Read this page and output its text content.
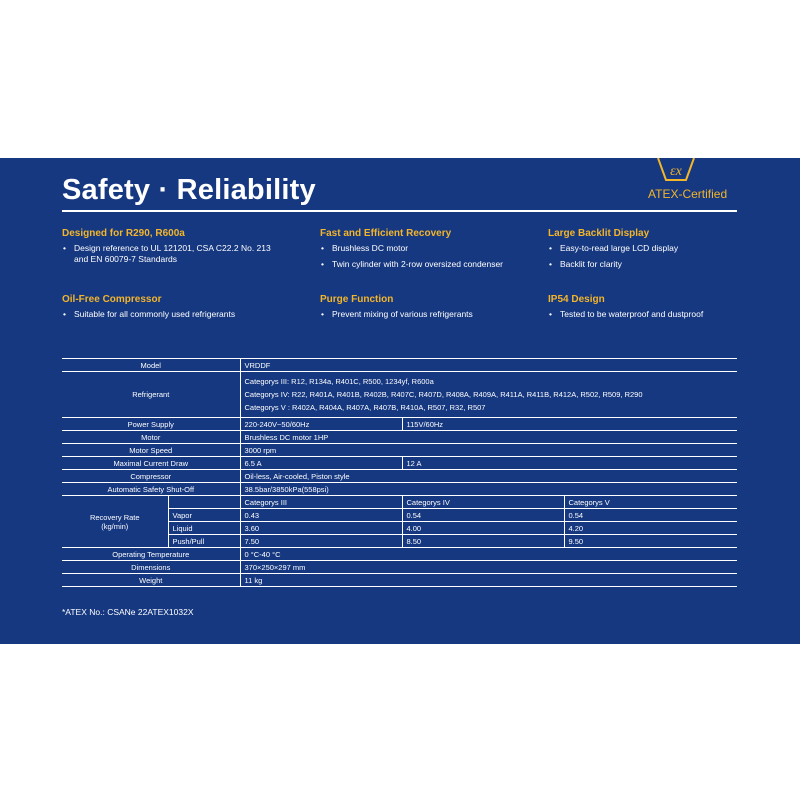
εx
ATEX-Certified
Safety · Reliability
Designed for R290, R600a
• Design reference to UL 121201, CSA C22.2 No. 213 and EN 60079-7 Standards
Fast and Efficient Recovery
• Brushless DC motor
• Twin cylinder with 2-row oversized condenser
Large Backlit Display
• Easy-to-read large LCD display
• Backlit for clarity
Oil-Free Compressor
• Suitable for all commonly used refrigerants
Purge Function
• Prevent mixing of various refrigerants
IP54 Design
• Tested to be waterproof and dustproof
Model		VRDDF		
Refrigerant		Categorys III: R12, R134a, R401C, R500, 1234yf, R600a
Categorys IV: R22, R401A, R401B, R402B, R407C, R407D, R408A, R409A, R411A, R411B, R412A, R502, R509, R290
Categorys V : R402A, R404A, R407A, R407B, R410A, R507, R32, R507		

Power Supply		220-240V~50/60Hz	115V/60Hz	
Motor		Brushless DC motor 1HP		
Motor Speed		3000 rpm		
Maximal Current Draw		6.5 A	12 A	
Compressor		Oil-less, Air-cooled, Piston style		
Automatic Safety Shut-Off		38.5bar/3850kPa(558psi)		

Recovery Rate
(kg/min)		Categorys III	Categorys IV	Categorys V
	Vapor	0.43	0.54	0.54
	Liquid	3.60	4.00	4.20
	Push/Pull	7.50	8.50	9.50
Operating Temperature		0 °C-40 °C		
Dimensions		370×250×297 mm		
Weight		11 kg		
*ATEX No.: CSANe 22ATEX1032X
